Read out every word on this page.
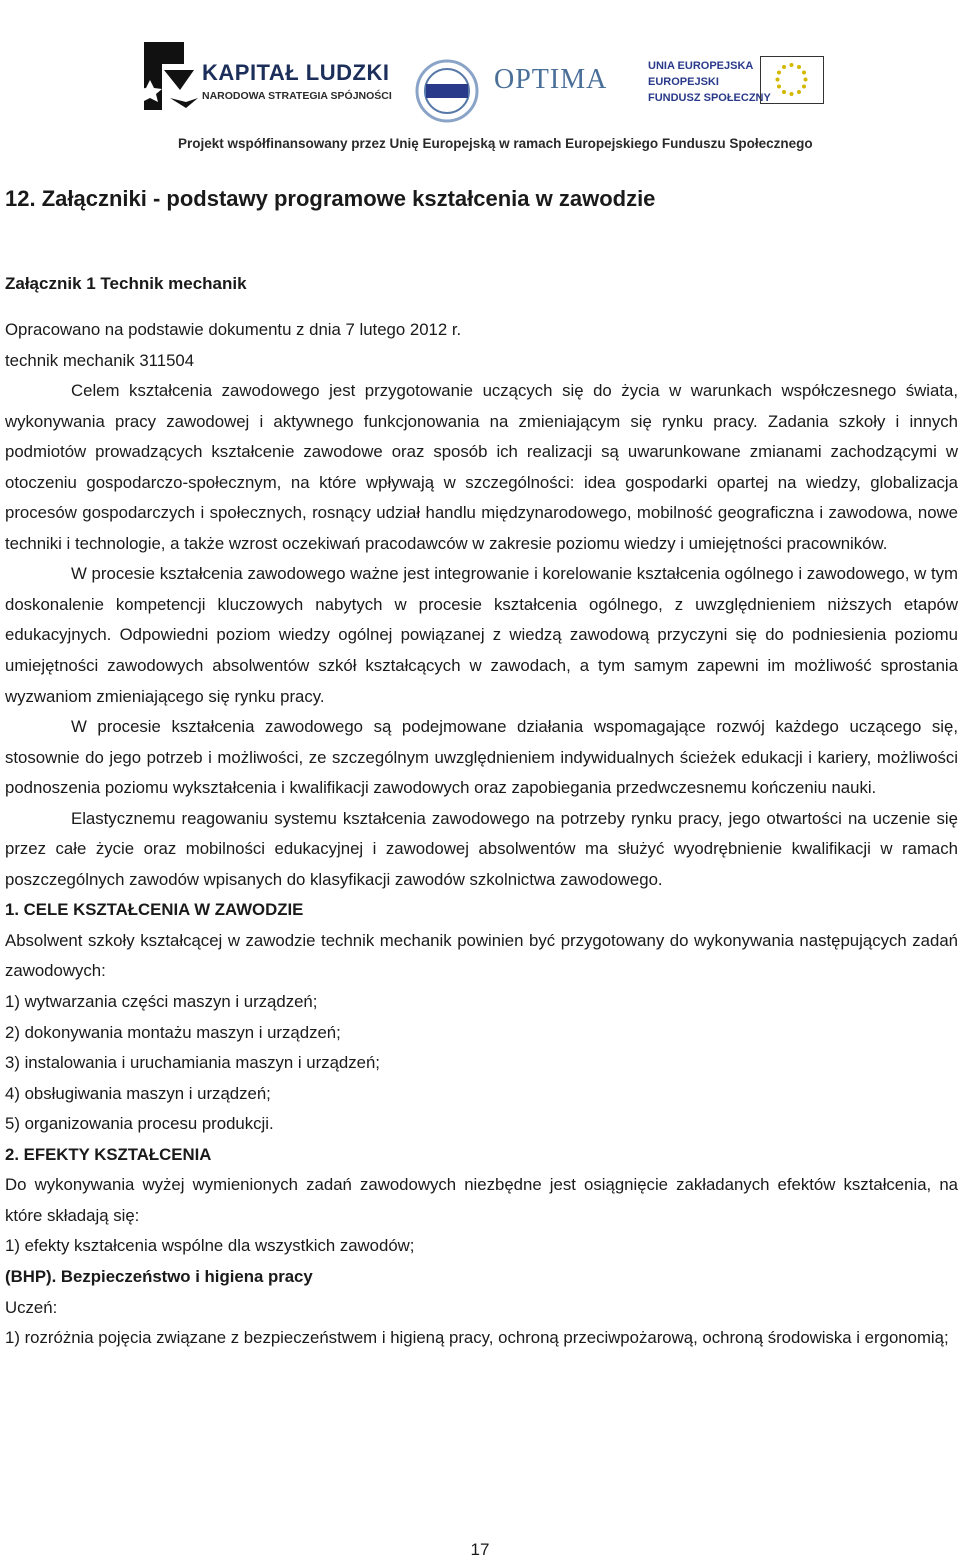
KAPITAŁ LUDZKI
NARODOWA STRATEGIA SPÓJNOŚCI
OPTIMA	UNIA EUROPEJSKA
EUROPEJSKI
FUNDUSZ SPOŁECZNY
Projekt współfinansowany przez Unię Europejską w ramach Europejskiego Funduszu Społecznego
12. Załączniki - podstawy programowe kształcenia w zawodzie
Załącznik 1 Technik mechanik

Opracowano na podstawie dokumentu z dnia 7 lutego 2012 r.

technik mechanik 311504

Celem kształcenia zawodowego jest przygotowanie uczących się do życia w warunkach współczesnego świata, wykonywania pracy zawodowej i aktywnego funkcjonowania na zmieniającym się rynku pracy. Zadania szkoły i innych podmiotów prowadzących kształcenie zawodowe oraz sposób ich realizacji są uwarunkowane zmianami zachodzącymi w otoczeniu gospodarczo-społecznym, na które wpływają w szczególności: idea gospodarki opartej na wiedzy, globalizacja procesów gospodarczych i społecznych, rosnący udział handlu międzynarodowego, mobilność geograficzna i zawodowa, nowe techniki i technologie, a także wzrost oczekiwań pracodawców w zakresie poziomu wiedzy i umiejętności pracowników.

W procesie kształcenia zawodowego ważne jest integrowanie i korelowanie kształcenia ogólnego i zawodowego, w tym doskonalenie kompetencji kluczowych nabytych w procesie kształcenia ogólnego, z uwzględnieniem niższych etapów edukacyjnych. Odpowiedni poziom wiedzy ogólnej powiązanej z wiedzą zawodową przyczyni się do podniesienia poziomu umiejętności zawodowych absolwentów szkół kształcących w zawodach, a tym samym zapewni im możliwość sprostania wyzwaniom zmieniającego się rynku pracy.

W procesie kształcenia zawodowego są podejmowane działania wspomagające rozwój każdego uczącego się, stosownie do jego potrzeb i możliwości, ze szczególnym uwzględnieniem indywidualnych ścieżek edukacji i kariery, możliwości podnoszenia poziomu wykształcenia i kwalifikacji zawodowych oraz zapobiegania przedwczesnemu kończeniu nauki.

Elastycznemu reagowaniu systemu kształcenia zawodowego na potrzeby rynku pracy, jego otwartości na uczenie się przez całe życie oraz mobilności edukacyjnej i zawodowej absolwentów ma służyć wyodrębnienie kwalifikacji w ramach poszczególnych zawodów wpisanych do klasyfikacji zawodów szkolnictwa zawodowego.

1. CELE KSZTAŁCENIA W ZAWODZIE

Absolwent szkoły kształcącej w zawodzie technik mechanik powinien być przygotowany do wykonywania następujących zadań zawodowych:

1) wytwarzania części maszyn i urządzeń;

2) dokonywania montażu maszyn i urządzeń;

3) instalowania i uruchamiania maszyn i urządzeń;

4) obsługiwania maszyn i urządzeń;

5) organizowania procesu produkcji.

2. EFEKTY KSZTAŁCENIA

Do wykonywania wyżej wymienionych zadań zawodowych niezbędne jest osiągnięcie zakładanych efektów kształcenia, na które składają się:

1) efekty kształcenia wspólne dla wszystkich zawodów;

(BHP). Bezpieczeństwo i higiena pracy

Uczeń:

1) rozróżnia pojęcia związane z bezpieczeństwem i higieną pracy, ochroną przeciwpożarową, ochroną środowiska i ergonomią;

17
